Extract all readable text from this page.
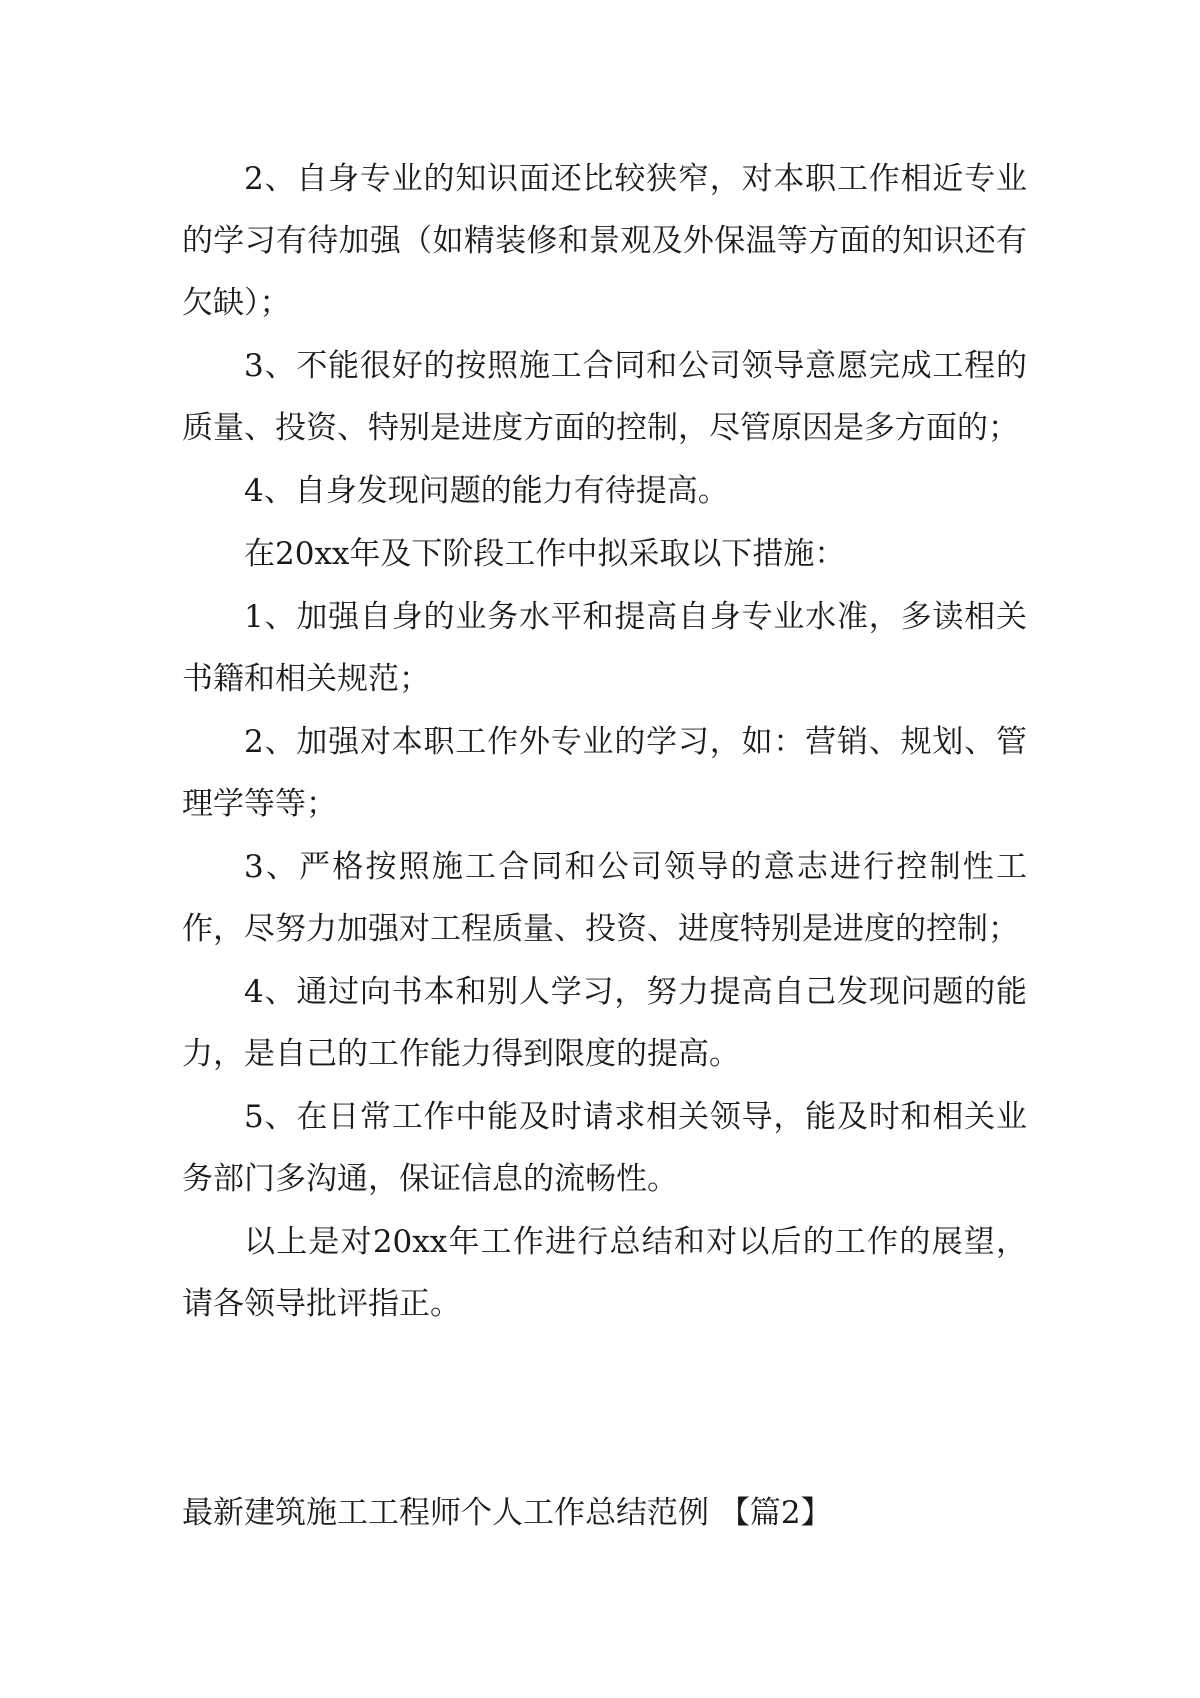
2、自身专业的知识面还比较狭窄，对本职工作相近专业的学习有待加强（如精装修和景观及外保温等方面的知识还有欠缺）；

3、不能很好的按照施工合同和公司领导意愿完成工程的质量、投资、特别是进度方面的控制，尽管原因是多方面的；

4、自身发现问题的能力有待提高。

在20xx年及下阶段工作中拟采取以下措施：

1、加强自身的业务水平和提高自身专业水准，多读相关书籍和相关规范；

2、加强对本职工作外专业的学习，如：营销、规划、管理学等等；

3、严格按照施工合同和公司领导的意志进行控制性工作，尽努力加强对工程质量、投资、进度特别是进度的控制；

4、通过向书本和别人学习，努力提高自己发现问题的能力，是自己的工作能力得到限度的提高。

5、在日常工作中能及时请求相关领导，能及时和相关业务部门多沟通，保证信息的流畅性。

以上是对20xx年工作进行总结和对以后的工作的展望，请各领导批评指正。

最新建筑施工工程师个人工作总结范例 【篇2】
